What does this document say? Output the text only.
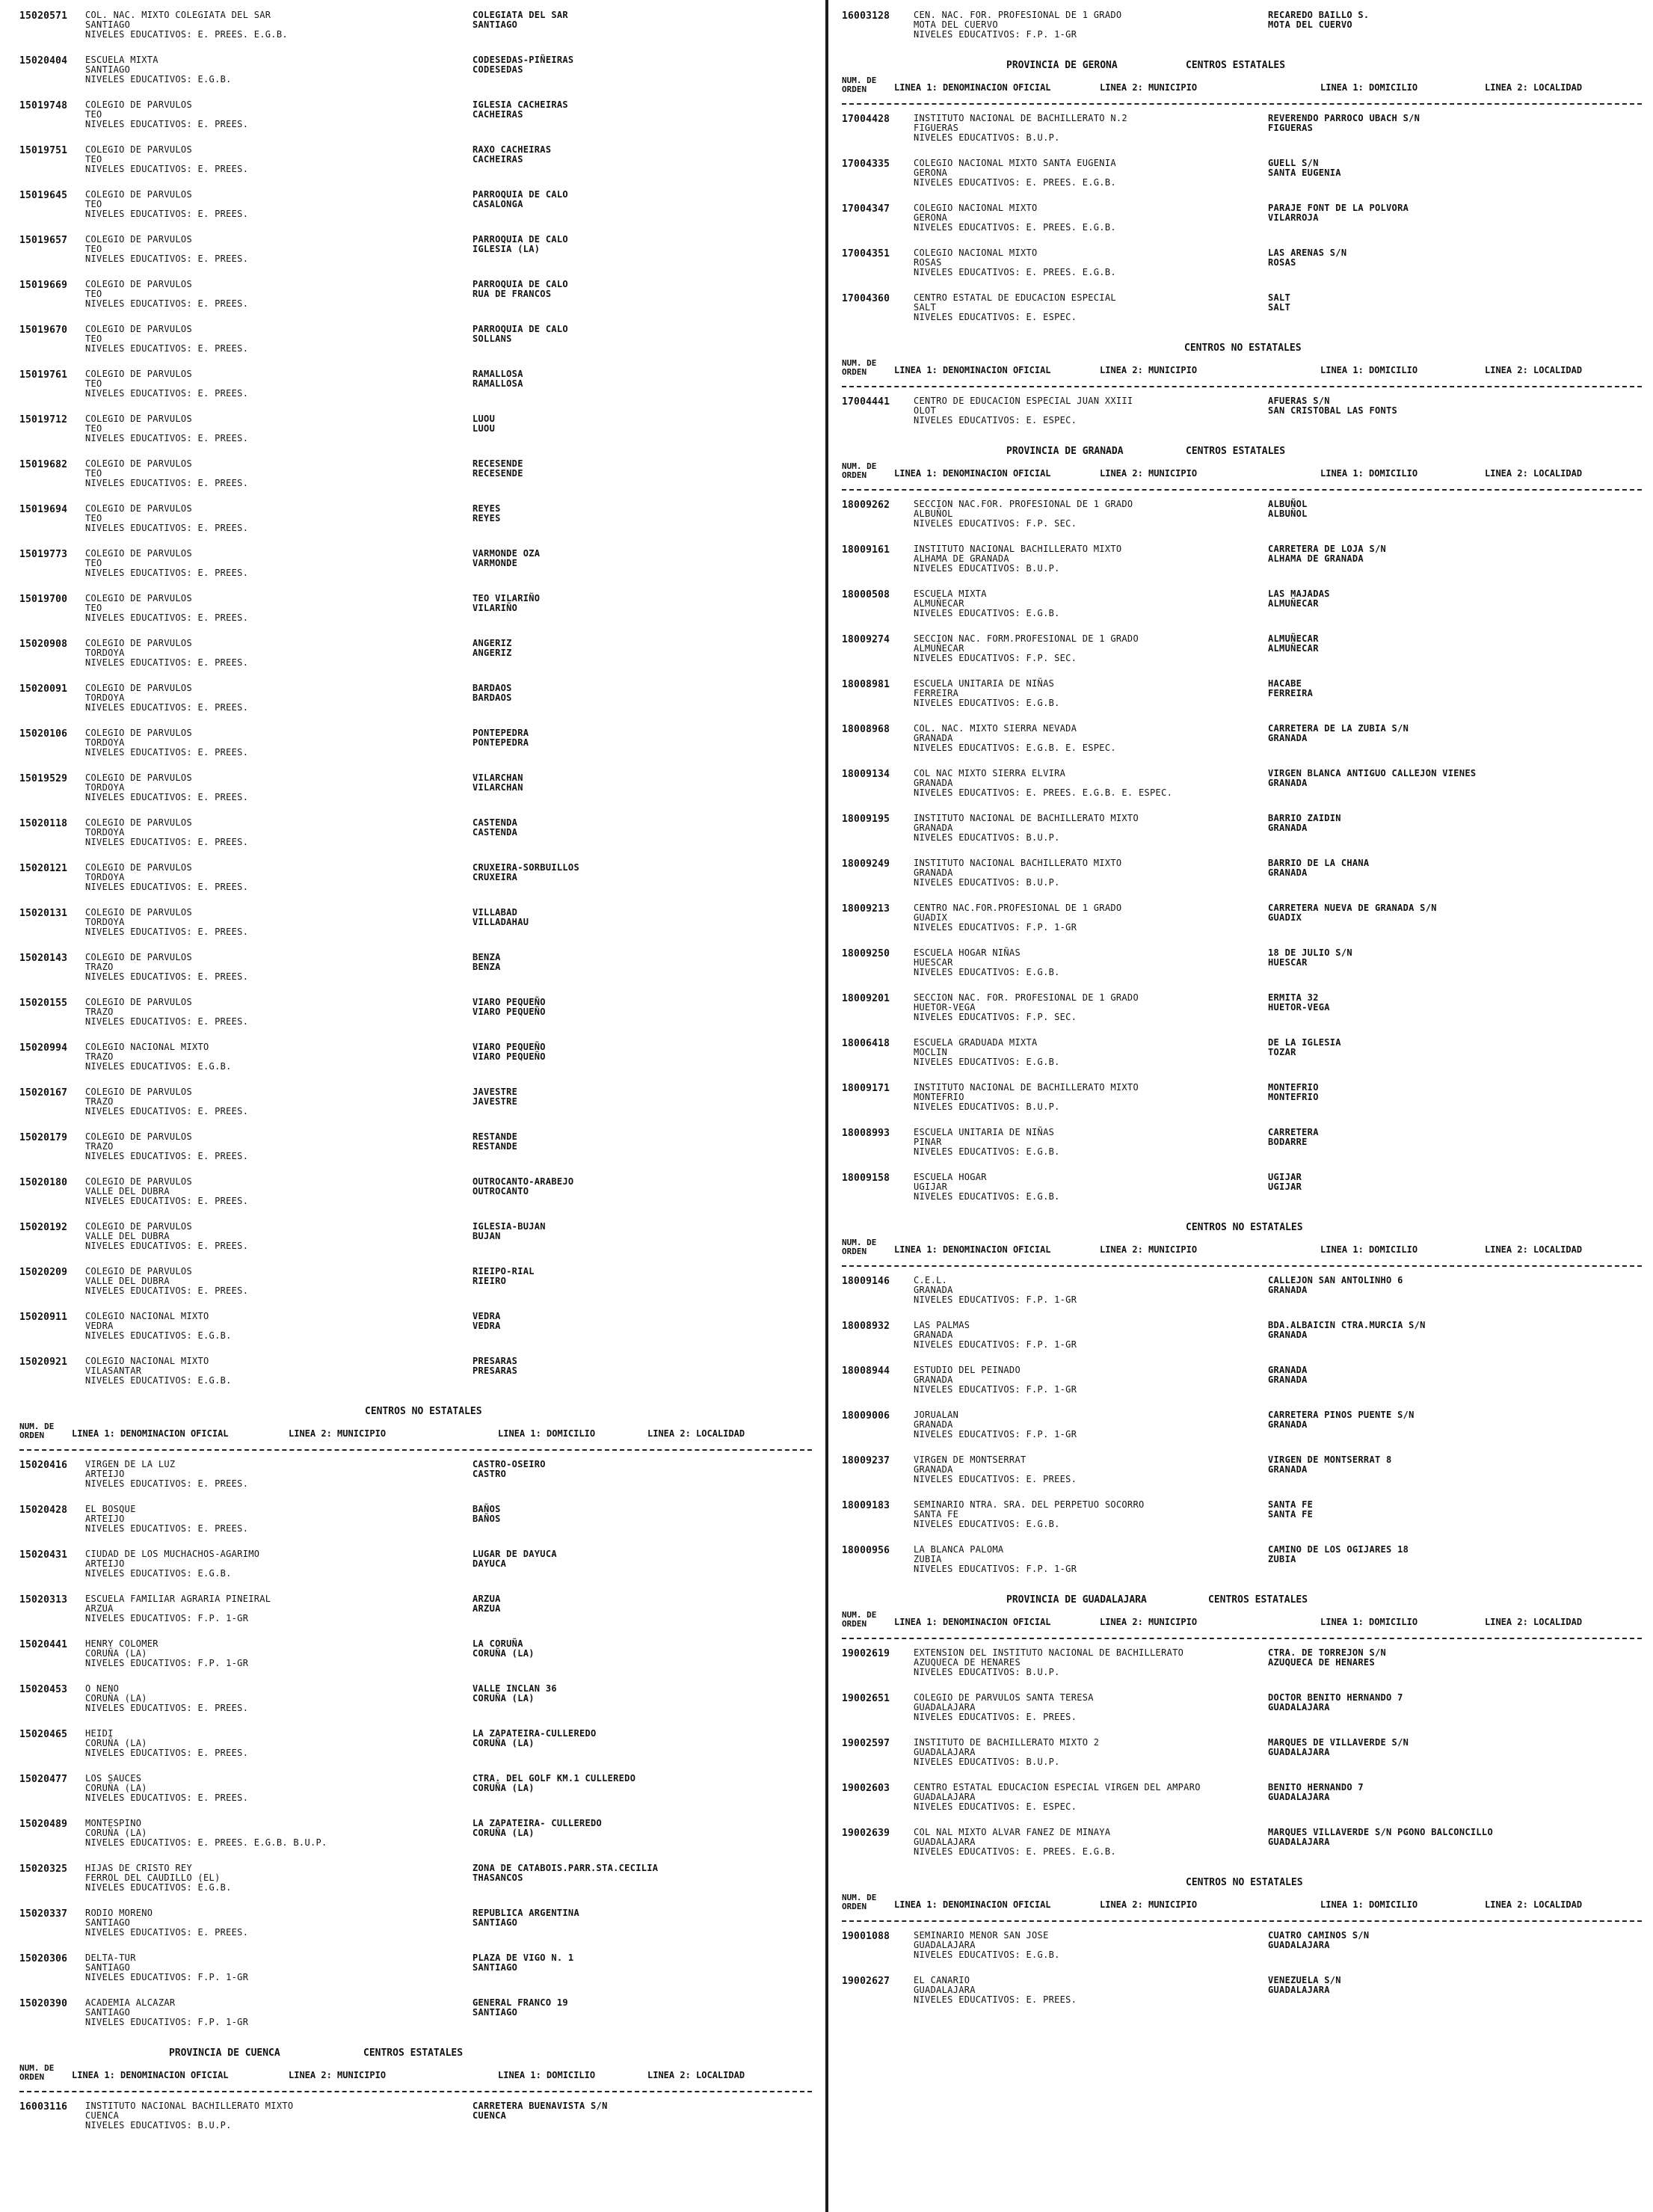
15020571	COL. NAC. MIXTO COLEGIATA DEL SAR
SANTIAGO
NIVELES EDUCATIVOS: E. PREES. E.G.B.
COLEGIATA DEL SAR
SANTIAGO
15020404	ESCUELA MIXTA
SANTIAGO
NIVELES EDUCATIVOS: E.G.B.
CODESEDAS-PIÑEIRAS
CODESEDAS
15019748	COLEGIO DE PARVULOS
TEO
NIVELES EDUCATIVOS: E. PREES.
IGLESIA CACHEIRAS
CACHEIRAS
15019751	COLEGIO DE PARVULOS
TEO
NIVELES EDUCATIVOS: E. PREES.
RAXO CACHEIRAS
CACHEIRAS
15019645	COLEGIO DE PARVULOS
TEO
NIVELES EDUCATIVOS: E. PREES.
PARROQUIA DE CALO
CASALONGA
15019657	COLEGIO DE PARVULOS
TEO
NIVELES EDUCATIVOS: E. PREES.
PARROQUIA DE CALO
IGLESIA (LA)
15019669	COLEGIO DE PARVULOS
TEO
NIVELES EDUCATIVOS: E. PREES.
PARROQUIA DE CALO
RUA DE FRANCOS
15019670	COLEGIO DE PARVULOS
TEO
NIVELES EDUCATIVOS: E. PREES.
PARROQUIA DE CALO
SOLLANS
15019761	COLEGIO DE PARVULOS
TEO
NIVELES EDUCATIVOS: E. PREES.
RAMALLOSA
RAMALLOSA
15019712	COLEGIO DE PARVULOS
TEO
NIVELES EDUCATIVOS: E. PREES.
LUOU
LUOU
15019682	COLEGIO DE PARVULOS
TEO
NIVELES EDUCATIVOS: E. PREES.
RECESENDE
RECESENDE
15019694	COLEGIO DE PARVULOS
TEO
NIVELES EDUCATIVOS: E. PREES.
REYES
REYES
15019773	COLEGIO DE PARVULOS
TEO
NIVELES EDUCATIVOS: E. PREES.
VARMONDE OZA
VARMONDE
15019700	COLEGIO DE PARVULOS
TEO
NIVELES EDUCATIVOS: E. PREES.
TEO VILARIÑO
VILARIÑO
15020908	COLEGIO DE PARVULOS
TORDOYA
NIVELES EDUCATIVOS: E. PREES.
ANGERIZ
ANGERIZ
15020091	COLEGIO DE PARVULOS
TORDOYA
NIVELES EDUCATIVOS: E. PREES.
BARDAOS
BARDAOS
15020106	COLEGIO DE PARVULOS
TORDOYA
NIVELES EDUCATIVOS: E. PREES.
PONTEPEDRA
PONTEPEDRA
15019529	COLEGIO DE PARVULOS
TORDOYA
NIVELES EDUCATIVOS: E. PREES.
VILARCHAN
VILARCHAN
15020118	COLEGIO DE PARVULOS
TORDOYA
NIVELES EDUCATIVOS: E. PREES.
CASTENDA
CASTENDA
15020121	COLEGIO DE PARVULOS
TORDOYA
NIVELES EDUCATIVOS: E. PREES.
CRUXEIRA-SORBUILLOS
CRUXEIRA
15020131	COLEGIO DE PARVULOS
TORDOYA
NIVELES EDUCATIVOS: E. PREES.
VILLABAD
VILLADAHAU
15020143	COLEGIO DE PARVULOS
TRAZO
NIVELES EDUCATIVOS: E. PREES.
BENZA
BENZA
15020155	COLEGIO DE PARVULOS
TRAZO
NIVELES EDUCATIVOS: E. PREES.
VIARO PEQUEÑO
VIARO PEQUEÑO
15020994	COLEGIO NACIONAL MIXTO
TRAZO
NIVELES EDUCATIVOS: E.G.B.
VIARO PEQUEÑO
VIARO PEQUEÑO
15020167	COLEGIO DE PARVULOS
TRAZO
NIVELES EDUCATIVOS: E. PREES.
JAVESTRE
JAVESTRE
15020179	COLEGIO DE PARVULOS
TRAZO
NIVELES EDUCATIVOS: E. PREES.
RESTANDE
RESTANDE
15020180	COLEGIO DE PARVULOS
VALLE DEL DUBRA
NIVELES EDUCATIVOS: E. PREES.
OUTROCANTO-ARABEJO
OUTROCANTO
15020192	COLEGIO DE PARVULOS
VALLE DEL DUBRA
NIVELES EDUCATIVOS: E. PREES.
IGLESIA-BUJAN
BUJAN
15020209	COLEGIO DE PARVULOS
VALLE DEL DUBRA
NIVELES EDUCATIVOS: E. PREES.
RIEIPO-RIAL
RIEIRO
15020911	COLEGIO NACIONAL MIXTO
VEDRA
NIVELES EDUCATIVOS: E.G.B.
VEDRA
VEDRA
15020921	COLEGIO NACIONAL MIXTO
VILASANTAR
NIVELES EDUCATIVOS: E.G.B.
PRESARAS
PRESARAS
CENTROS NO ESTATALES
NUM. DE
ORDEN	LINEA 1: DENOMINACION OFICIAL	LINEA 2: MUNICIPIO	LINEA 1: DOMICILIO	LINEA 2: LOCALIDAD
15020416	VIRGEN DE LA LUZ
ARTEIJO
NIVELES EDUCATIVOS: E. PREES.
CASTRO-OSEIRO
CASTRO
15020428	EL BOSQUE
ARTEIJO
NIVELES EDUCATIVOS: E. PREES.
BAÑOS
BAÑOS
15020431	CIUDAD DE LOS MUCHACHOS-AGARIMO
ARTEIJO
NIVELES EDUCATIVOS: E.G.B.
LUGAR DE DAYUCA
DAYUCA
15020313	ESCUELA FAMILIAR AGRARIA PINEIRAL
ARZUA
NIVELES EDUCATIVOS: F.P. 1-GR
ARZUA
ARZUA
15020441	HENRY COLOMER
CORUÑA (LA)
NIVELES EDUCATIVOS: F.P. 1-GR
LA CORUÑA
CORUÑA (LA)
15020453	O NENO
CORUÑA (LA)
NIVELES EDUCATIVOS: E. PREES.
VALLE INCLAN 36
CORUÑA (LA)
15020465	HEIDI
CORUÑA (LA)
NIVELES EDUCATIVOS: E. PREES.
LA ZAPATEIRA-CULLEREDO
CORUÑA (LA)
15020477	LOS SAUCES
CORUÑA (LA)
NIVELES EDUCATIVOS: E. PREES.
CTRA. DEL GOLF KM.1 CULLEREDO
CORUÑA (LA)
15020489	MONTESPINO
CORUÑA (LA)
NIVELES EDUCATIVOS: E. PREES. E.G.B. B.U.P.
LA ZAPATEIRA- CULLEREDO
CORUÑA (LA)
15020325	HIJAS DE CRISTO REY
FERROL DEL CAUDILLO (EL)
NIVELES EDUCATIVOS: E.G.B.
ZONA DE CATABOIS.PARR.STA.CECILIA
THASANCOS
15020337	RODIO MORENO
SANTIAGO
NIVELES EDUCATIVOS: E. PREES.
REPUBLICA ARGENTINA
SANTIAGO
15020306	DELTA-TUR
SANTIAGO
NIVELES EDUCATIVOS: F.P. 1-GR
PLAZA DE VIGO N. 1
SANTIAGO
15020390	ACADEMIA ALCAZAR
SANTIAGO
NIVELES EDUCATIVOS: F.P. 1-GR
GENERAL FRANCO 19
SANTIAGO
PROVINCIA DE CUENCA	CENTROS ESTATALES
NUM. DE
ORDEN	LINEA 1: DENOMINACION OFICIAL	LINEA 2: MUNICIPIO	LINEA 1: DOMICILIO	LINEA 2: LOCALIDAD
16003116	INSTITUTO NACIONAL BACHILLERATO MIXTO
CUENCA
NIVELES EDUCATIVOS: B.U.P.
CARRETERA BUENAVISTA S/N
CUENCA
16003128	CEN. NAC. FOR. PROFESIONAL DE 1 GRADO
MOTA DEL CUERVO
NIVELES EDUCATIVOS: F.P. 1-GR
RECAREDO BAILLO S.
MOTA DEL CUERVO
PROVINCIA DE GERONA	CENTROS ESTATALES
NUM. DE
ORDEN	LINEA 1: DENOMINACION OFICIAL	LINEA 2: MUNICIPIO	LINEA 1: DOMICILIO	LINEA 2: LOCALIDAD
17004428	INSTITUTO NACIONAL DE BACHILLERATO N.2
FIGUERAS
NIVELES EDUCATIVOS: B.U.P.
REVERENDO PARROCO UBACH S/N
FIGUERAS
17004335	COLEGIO NACIONAL MIXTO SANTA EUGENIA
GERONA
NIVELES EDUCATIVOS: E. PREES. E.G.B.
GUELL S/N
SANTA EUGENIA
17004347	COLEGIO NACIONAL MIXTO
GERONA
NIVELES EDUCATIVOS: E. PREES. E.G.B.
PARAJE FONT DE LA POLVORA
VILARROJA
17004351	COLEGIO NACIONAL MIXTO
ROSAS
NIVELES EDUCATIVOS: E. PREES. E.G.B.
LAS ARENAS S/N
ROSAS
17004360	CENTRO ESTATAL DE EDUCACION ESPECIAL
SALT
NIVELES EDUCATIVOS: E. ESPEC.
SALT
SALT
CENTROS NO ESTATALES
NUM. DE
ORDEN	LINEA 1: DENOMINACION OFICIAL	LINEA 2: MUNICIPIO	LINEA 1: DOMICILIO	LINEA 2: LOCALIDAD
17004441	CENTRO DE EDUCACION ESPECIAL JUAN XXIII
OLOT
NIVELES EDUCATIVOS: E. ESPEC.
AFUERAS S/N
SAN CRISTOBAL LAS FONTS
PROVINCIA DE GRANADA	CENTROS ESTATALES
NUM. DE
ORDEN	LINEA 1: DENOMINACION OFICIAL	LINEA 2: MUNICIPIO	LINEA 1: DOMICILIO	LINEA 2: LOCALIDAD
18009262	SECCION NAC.FOR. PROFESIONAL DE 1 GRADO
ALBUÑOL
NIVELES EDUCATIVOS: F.P. SEC.
ALBUÑOL
ALBUÑOL
18009161	INSTITUTO NACIONAL BACHILLERATO MIXTO
ALHAMA DE GRANADA
NIVELES EDUCATIVOS: B.U.P.
CARRETERA DE LOJA S/N
ALHAMA DE GRANADA
18000508	ESCUELA MIXTA
ALMUÑECAR
NIVELES EDUCATIVOS: E.G.B.
LAS MAJADAS
ALMUÑECAR
18009274	SECCION NAC. FORM.PROFESIONAL DE 1 GRADO
ALMUÑECAR
NIVELES EDUCATIVOS: F.P. SEC.
ALMUÑECAR
ALMUÑECAR
18008981	ESCUELA UNITARIA DE NIÑAS
FERREIRA
NIVELES EDUCATIVOS: E.G.B.
HACABE
FERREIRA
18008968	COL. NAC. MIXTO SIERRA NEVADA
GRANADA
NIVELES EDUCATIVOS: E.G.B. E. ESPEC.
CARRETERA DE LA ZUBIA S/N
GRANADA
18009134	COL NAC MIXTO SIERRA ELVIRA
GRANADA
NIVELES EDUCATIVOS: E. PREES. E.G.B. E. ESPEC.
VIRGEN BLANCA ANTIGUO CALLEJON VIENES
GRANADA
18009195	INSTITUTO NACIONAL DE BACHILLERATO MIXTO
GRANADA
NIVELES EDUCATIVOS: B.U.P.
BARRIO ZAIDIN
GRANADA
18009249	INSTITUTO NACIONAL BACHILLERATO MIXTO
GRANADA
NIVELES EDUCATIVOS: B.U.P.
BARRIO DE LA CHANA
GRANADA
18009213	CENTRO NAC.FOR.PROFESIONAL DE 1 GRADO
GUADIX
NIVELES EDUCATIVOS: F.P. 1-GR
CARRETERA NUEVA DE GRANADA S/N
GUADIX
18009250	ESCUELA HOGAR NIÑAS
HUESCAR
NIVELES EDUCATIVOS: E.G.B.
18 DE JULIO S/N
HUESCAR
18009201	SECCION NAC. FOR. PROFESIONAL DE 1 GRADO
HUETOR-VEGA
NIVELES EDUCATIVOS: F.P. SEC.
ERMITA 32
HUETOR-VEGA
18006418	ESCUELA GRADUADA MIXTA
MOCLIN
NIVELES EDUCATIVOS: E.G.B.
DE LA IGLESIA
TOZAR
18009171	INSTITUTO NACIONAL DE BACHILLERATO MIXTO
MONTEFRIO
NIVELES EDUCATIVOS: B.U.P.
MONTEFRIO
MONTEFRIO
18008993	ESCUELA UNITARIA DE NIÑAS
PINAR
NIVELES EDUCATIVOS: E.G.B.
CARRETERA
BODARRE
18009158	ESCUELA HOGAR
UGIJAR
NIVELES EDUCATIVOS: E.G.B.
UGIJAR
UGIJAR
CENTROS NO ESTATALES
NUM. DE
ORDEN	LINEA 1: DENOMINACION OFICIAL	LINEA 2: MUNICIPIO	LINEA 1: DOMICILIO	LINEA 2: LOCALIDAD
18009146	C.E.L.
GRANADA
NIVELES EDUCATIVOS: F.P. 1-GR
CALLEJON SAN ANTOLINHO 6
GRANADA
18008932	LAS PALMAS
GRANADA
NIVELES EDUCATIVOS: F.P. 1-GR
BDA.ALBAICIN CTRA.MURCIA S/N
GRANADA
18008944	ESTUDIO DEL PEINADO
GRANADA
NIVELES EDUCATIVOS: F.P. 1-GR
GRANADA
GRANADA
18009006	JORUALAN
GRANADA
NIVELES EDUCATIVOS: F.P. 1-GR
CARRETERA PINOS PUENTE S/N
GRANADA
18009237	VIRGEN DE MONTSERRAT
GRANADA
NIVELES EDUCATIVOS: E. PREES.
VIRGEN DE MONTSERRAT 8
GRANADA
18009183	SEMINARIO NTRA. SRA. DEL PERPETUO SOCORRO
SANTA FE
NIVELES EDUCATIVOS: E.G.B.
SANTA FE
SANTA FE
18000956	LA BLANCA PALOMA
ZUBIA
NIVELES EDUCATIVOS: F.P. 1-GR
CAMINO DE LOS OGIJARES 18
ZUBIA
PROVINCIA DE GUADALAJARA	CENTROS ESTATALES
NUM. DE
ORDEN	LINEA 1: DENOMINACION OFICIAL	LINEA 2: MUNICIPIO	LINEA 1: DOMICILIO	LINEA 2: LOCALIDAD
19002619	EXTENSION DEL INSTITUTO NACIONAL DE BACHILLERATO
AZUQUECA DE HENARES
NIVELES EDUCATIVOS: B.U.P.
CTRA. DE TORREJON S/N
AZUQUECA DE HENARES
19002651	COLEGIO DE PARVULOS SANTA TERESA
GUADALAJARA
NIVELES EDUCATIVOS: E. PREES.
DOCTOR BENITO HERNANDO 7
GUADALAJARA
19002597	INSTITUTO DE BACHILLERATO MIXTO 2
GUADALAJARA
NIVELES EDUCATIVOS: B.U.P.
MARQUES DE VILLAVERDE S/N
GUADALAJARA
19002603	CENTRO ESTATAL EDUCACION ESPECIAL VIRGEN DEL AMPARO
GUADALAJARA
NIVELES EDUCATIVOS: E. ESPEC.
BENITO HERNANDO 7
GUADALAJARA
19002639	COL NAL MIXTO ALVAR FANEZ DE MINAYA
GUADALAJARA
NIVELES EDUCATIVOS: E. PREES. E.G.B.
MARQUES VILLAVERDE S/N PGONO BALCONCILLO
GUADALAJARA
CENTROS NO ESTATALES
NUM. DE
ORDEN	LINEA 1: DENOMINACION OFICIAL	LINEA 2: MUNICIPIO	LINEA 1: DOMICILIO	LINEA 2: LOCALIDAD
19001088	SEMINARIO MENOR SAN JOSE
GUADALAJARA
NIVELES EDUCATIVOS: E.G.B.
CUATRO CAMINOS S/N
GUADALAJARA
19002627	EL CANARIO
GUADALAJARA
NIVELES EDUCATIVOS: E. PREES.
VENEZUELA S/N
GUADALAJARA
